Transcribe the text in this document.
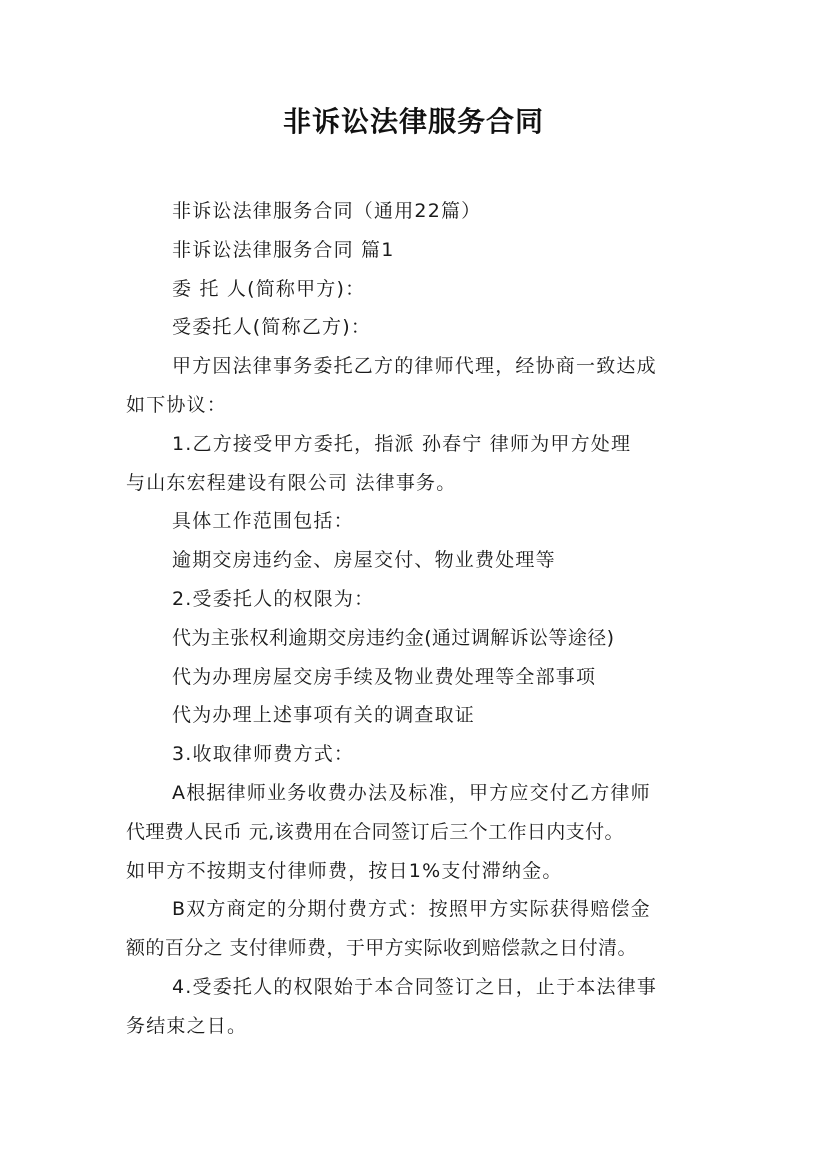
非诉讼法律服务合同
非诉讼法律服务合同（通用22篇）
非诉讼法律服务合同 篇1
委 托 人(简称甲方)：
受委托人(简称乙方)：
甲方因法律事务委托乙方的律师代理，经协商一致达成
如下协议：
1.乙方接受甲方委托，指派 孙春宁 律师为甲方处理
与山东宏程建设有限公司 法律事务。
具体工作范围包括：
逾期交房违约金、房屋交付、物业费处理等
2.受委托人的权限为：
代为主张权利逾期交房违约金(通过调解诉讼等途径)
代为办理房屋交房手续及物业费处理等全部事项
代为办理上述事项有关的调查取证
3.收取律师费方式：
A根据律师业务收费办法及标准，甲方应交付乙方律师
代理费人民币 元,该费用在合同签订后三个工作日内支付。
如甲方不按期支付律师费，按日1%支付滞纳金。
B双方商定的分期付费方式：按照甲方实际获得赔偿金
额的百分之 支付律师费，于甲方实际收到赔偿款之日付清。
4.受委托人的权限始于本合同签订之日，止于本法律事
务结束之日。
